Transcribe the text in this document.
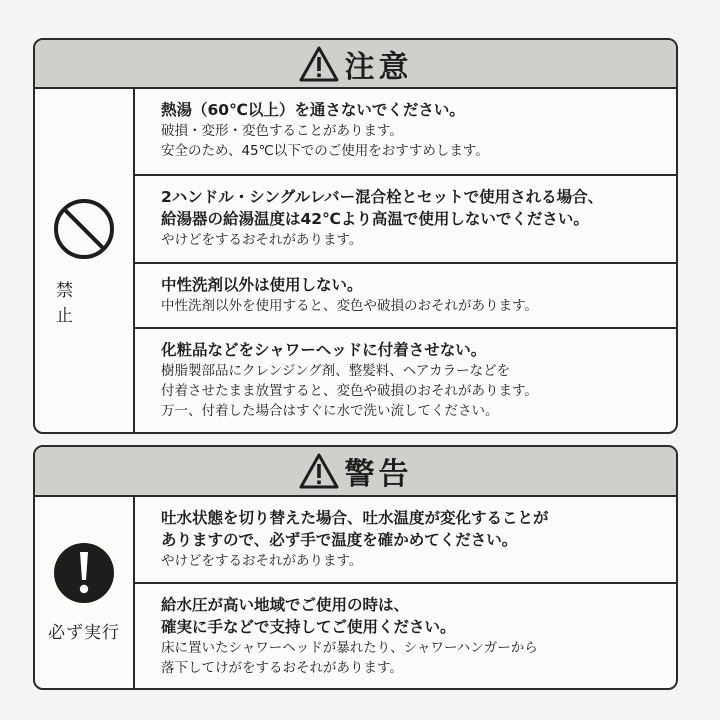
注意
禁　止
熱湯（60℃以上）を通さないでください。
破損・変形・変色することがあります。
安全のため、45℃以下でのご使用をおすすめします。
2ハンドル・シングルレバー混合栓とセットで使用される場合、
給湯器の給湯温度は42℃より高温で使用しないでください。
やけどをするおそれがあります。
中性洗剤以外は使用しない。
中性洗剤以外を使用すると、変色や破損のおそれがあります。
化粧品などをシャワーヘッドに付着させない。
樹脂製部品にクレンジング剤、整髪料、ヘアカラーなどを
付着させたまま放置すると、変色や破損のおそれがあります。
万一、付着した場合はすぐに水で洗い流してください。
警告
必ず実行
吐水状態を切り替えた場合、吐水温度が変化することが
ありますので、必ず手で温度を確かめてください。
やけどをするおそれがあります。
給水圧が高い地域でご使用の時は、
確実に手などで支持してご使用ください。
床に置いたシャワーヘッドが暴れたり、シャワーハンガーから
落下してけがをするおそれがあります。
